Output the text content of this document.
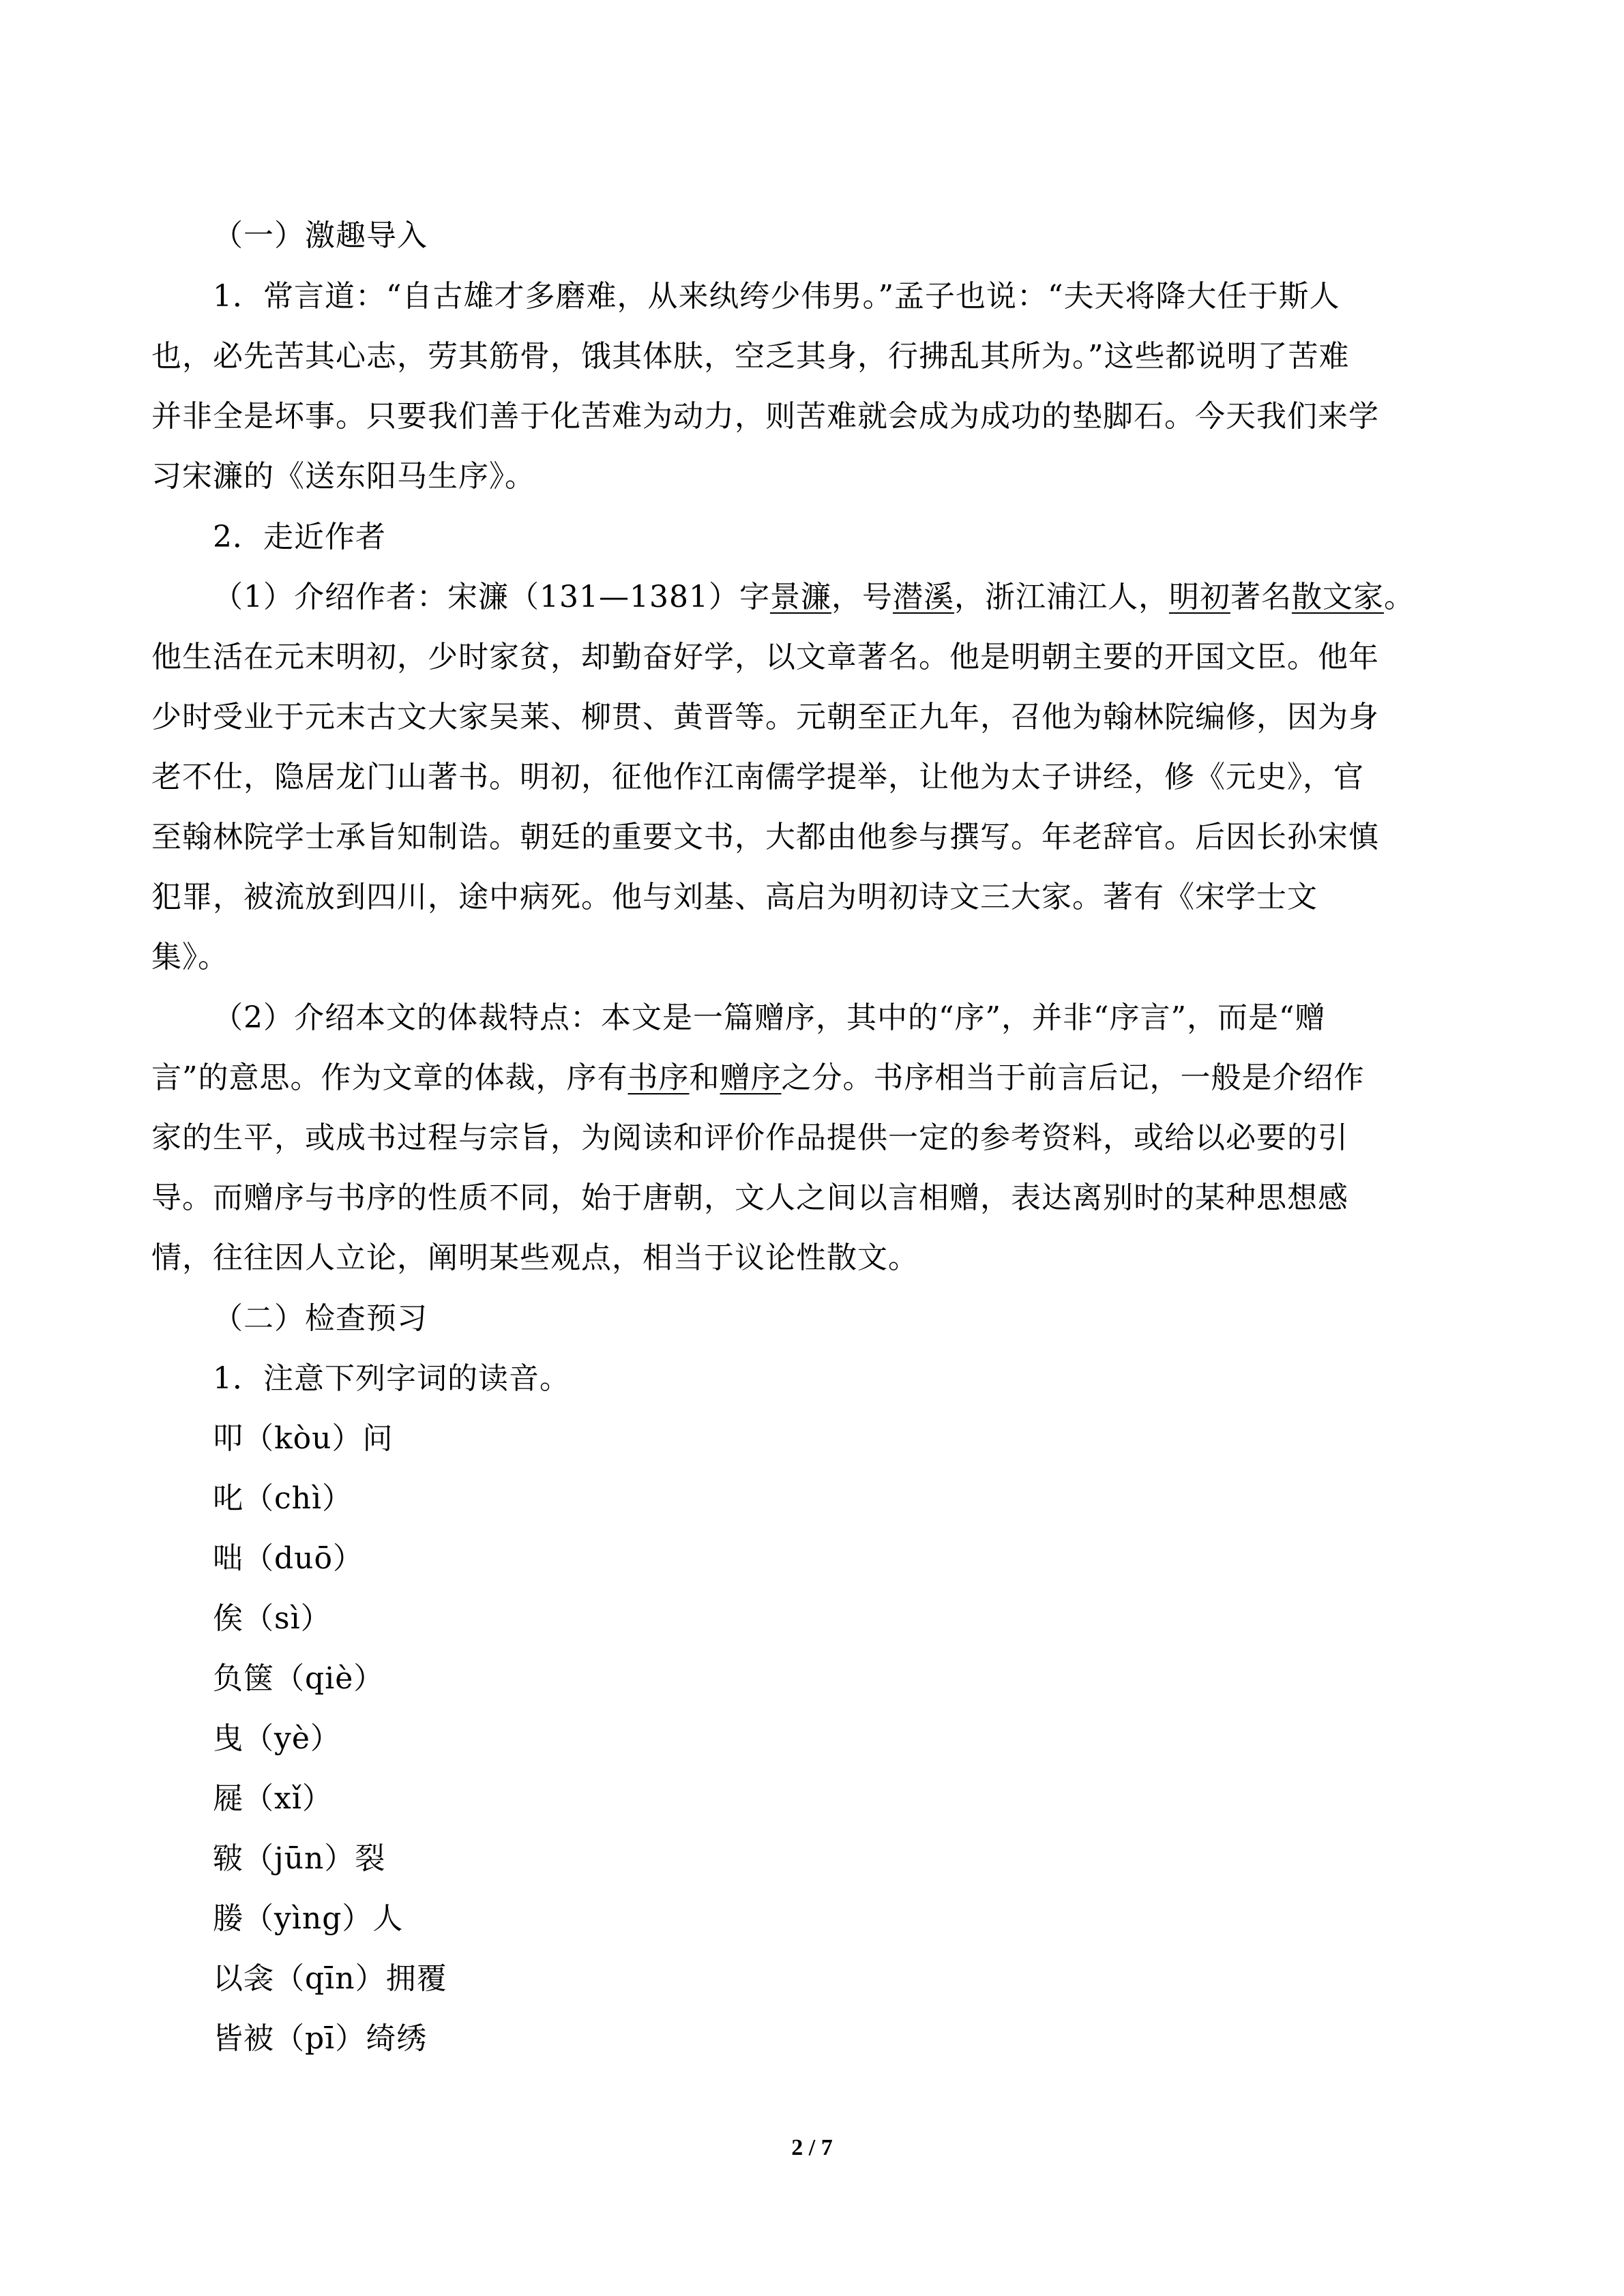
（一）激趣导入
1．常言道：“自古雄才多磨难，从来纨绔少伟男。”孟子也说：“夫天将降大任于斯人
也，必先苦其心志，劳其筋骨，饿其体肤，空乏其身，行拂乱其所为。”这些都说明了苦难
并非全是坏事。只要我们善于化苦难为动力，则苦难就会成为成功的垫脚石。今天我们来学
习宋濂的《送东阳马生序》。
2．走近作者
（1）介绍作者：宋濂（131—1381）字景濂，号潜溪，浙江浦江人，明初著名散文家。
他生活在元末明初，少时家贫，却勤奋好学，以文章著名。他是明朝主要的开国文臣。他年
少时受业于元末古文大家吴莱、柳贯、黄晋等。元朝至正九年，召他为翰林院编修，因为身
老不仕，隐居龙门山著书。明初，征他作江南儒学提举，让他为太子讲经，修《元史》，官
至翰林院学士承旨知制诰。朝廷的重要文书，大都由他参与撰写。年老辞官。后因长孙宋慎
犯罪，被流放到四川，途中病死。他与刘基、高启为明初诗文三大家。著有《宋学士文
集》。
（2）介绍本文的体裁特点：本文是一篇赠序，其中的“序”，并非“序言”，而是“赠
言”的意思。作为文章的体裁，序有书序和赠序之分。书序相当于前言后记，一般是介绍作
家的生平，或成书过程与宗旨，为阅读和评价作品提供一定的参考资料，或给以必要的引
导。而赠序与书序的性质不同，始于唐朝，文人之间以言相赠，表达离别时的某种思想感
情，往往因人立论，阐明某些观点，相当于议论性散文。
（二）检查预习
1．注意下列字词的读音。
叩（kòu）问
叱（chì）
咄（duō）
俟（sì）
负箧（qiè）
曳（yè）
屣（xǐ）
皲（jūn）裂
媵（yìng）人
以衾（qīn）拥覆
皆被（pī）绮绣
2 / 7
